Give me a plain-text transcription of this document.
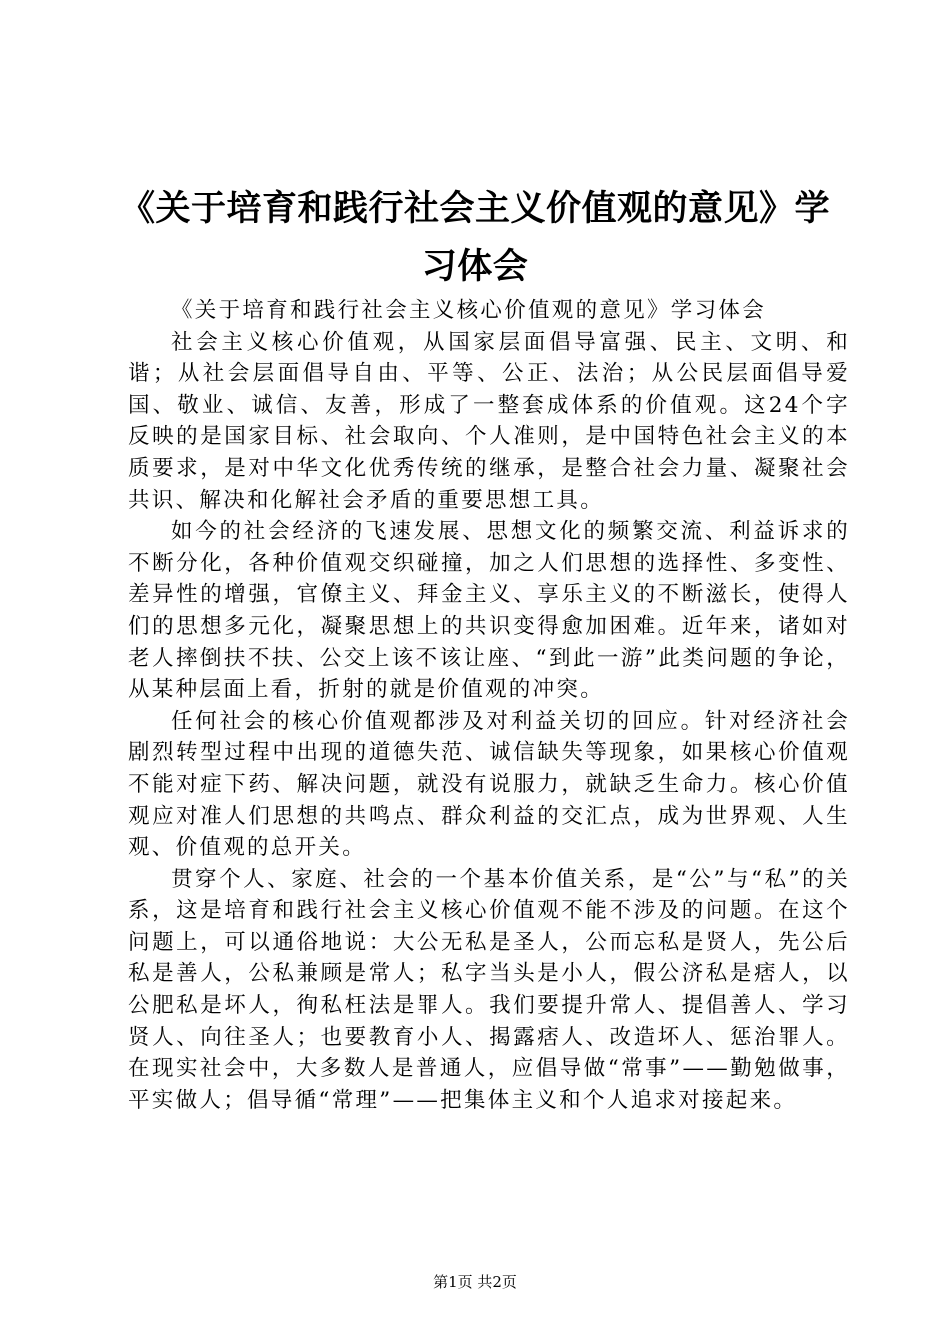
《关于培育和践行社会主义价值观的意见》学习体会

《关于培育和践行社会主义核心价值观的意见》学习体会

社会主义核心价值观，从国家层面倡导富强、民主、文明、和谐；从社会层面倡导自由、平等、公正、法治；从公民层面倡导爱国、敬业、诚信、友善，形成了一整套成体系的价值观。这24个字反映的是国家目标、社会取向、个人准则，是中国特色社会主义的本质要求，是对中华文化优秀传统的继承，是整合社会力量、凝聚社会共识、解决和化解社会矛盾的重要思想工具。

如今的社会经济的飞速发展、思想文化的频繁交流、利益诉求的不断分化，各种价值观交织碰撞，加之人们思想的选择性、多变性、差异性的增强，官僚主义、拜金主义、享乐主义的不断滋长，使得人们的思想多元化，凝聚思想上的共识变得愈加困难。近年来，诸如对老人摔倒扶不扶、公交上该不该让座、“到此一游”此类问题的争论，从某种层面上看，折射的就是价值观的冲突。

任何社会的核心价值观都涉及对利益关切的回应。针对经济社会剧烈转型过程中出现的道德失范、诚信缺失等现象，如果核心价值观不能对症下药、解决问题，就没有说服力，就缺乏生命力。核心价值观应对准人们思想的共鸣点、群众利益的交汇点，成为世界观、人生观、价值观的总开关。

贯穿个人、家庭、社会的一个基本价值关系，是“公”与“私”的关系，这是培育和践行社会主义核心价值观不能不涉及的问题。在这个问题上，可以通俗地说：大公无私是圣人，公而忘私是贤人，先公后私是善人，公私兼顾是常人；私字当头是小人，假公济私是痞人，以公肥私是坏人，徇私枉法是罪人。我们要提升常人、提倡善人、学习贤人、向往圣人；也要教育小人、揭露痞人、改造坏人、惩治罪人。在现实社会中，大多数人是普通人，应倡导做“常事”——勤勉做事，平实做人；倡导循“常理”——把集体主义和个人追求对接起来。

第1页 共2页
